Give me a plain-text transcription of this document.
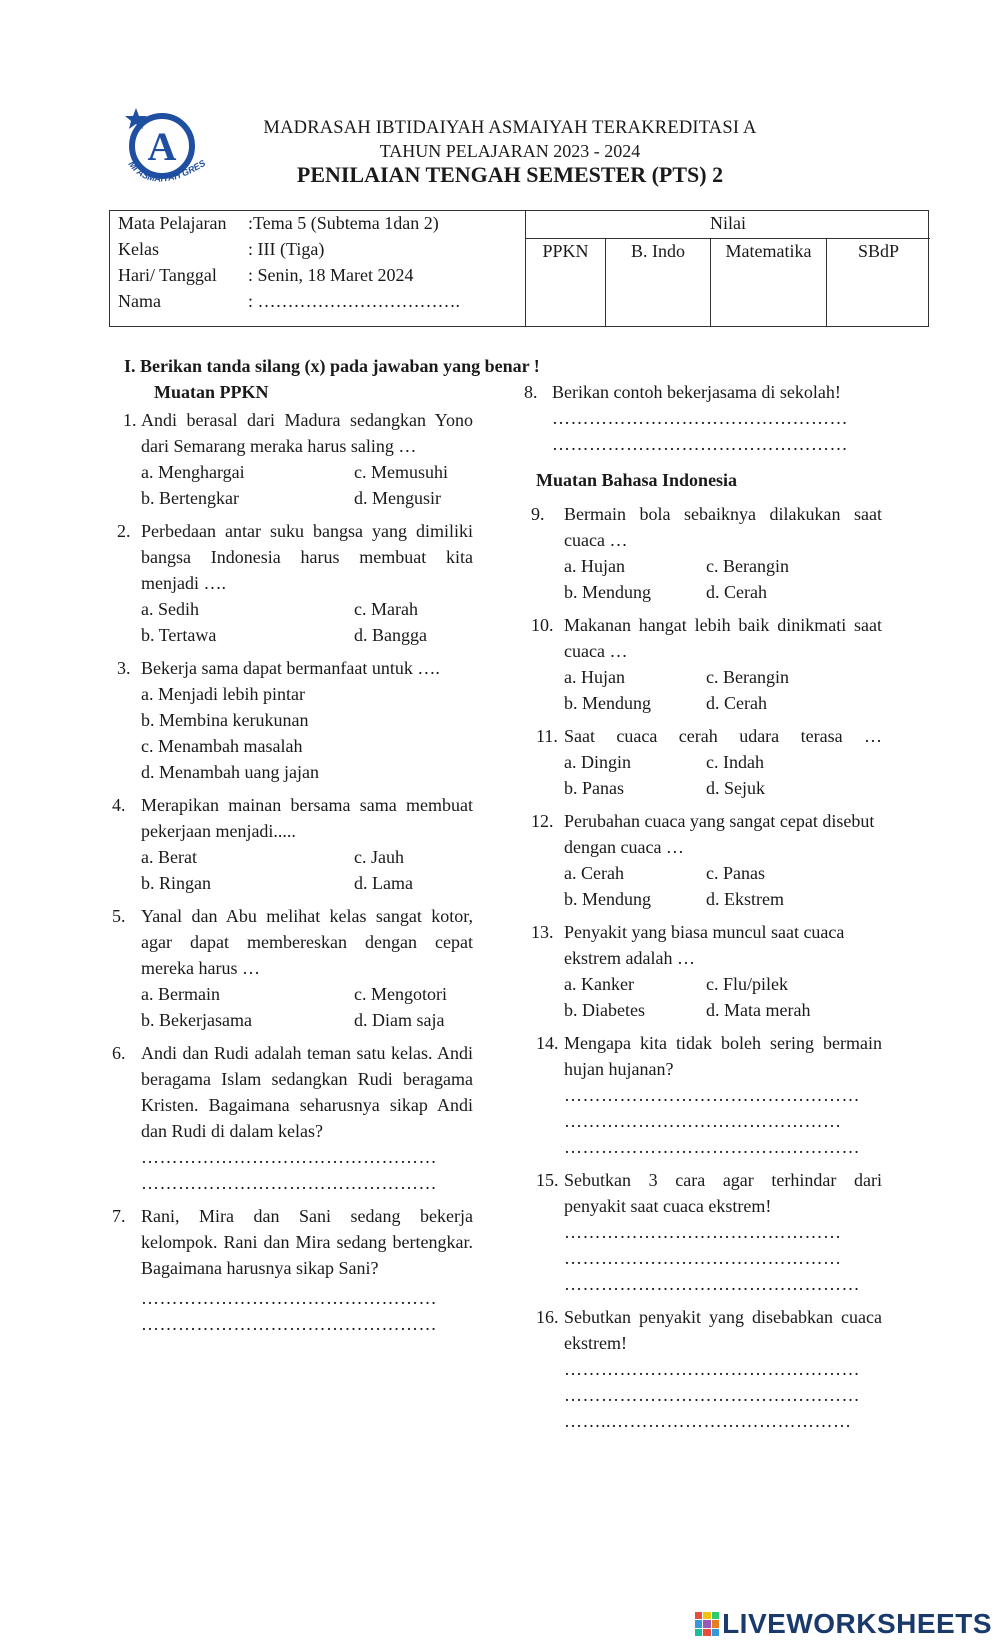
A
MI ASMAIYAH GRES
MADRASAH IBTIDAIYAH ASMAIYAH TERAKREDITASI A
TAHUN PELAJARAN 2023 - 2024
PENILAIAN TENGAH SEMESTER (PTS) 2
Mata Pelajaran :Tema 5 (Subtema 1dan 2)
Kelas	: III (Tiga)
Hari/ Tanggal : Senin, 18 Maret 2024
Nama	: …………………………….
Nilai
PPKN	B. Indo	Matematika	SBdP
I. Berikan tanda silang (x) pada jawaban yang benar !
Muatan PPKN
1. Andi berasal dari Madura sedangkan Yono dari Semarang meraka harus saling …
a. Menghargai	c. Memusuhi
b. Bertengkar	d. Mengusir
2. Perbedaan antar suku bangsa yang dimiliki bangsa Indonesia harus membuat kita menjadi ….
a. Sedih	c. Marah
b. Tertawa	d. Bangga
3. Bekerja sama dapat bermanfaat untuk ….
a. Menjadi lebih pintar
b. Membina kerukunan
c. Menambah masalah
d. Menambah uang jajan
4. Merapikan mainan bersama sama membuat pekerjaan menjadi.....
a. Berat	c. Jauh
b. Ringan	d. Lama
5. Yanal dan Abu melihat kelas sangat kotor, agar dapat membereskan dengan cepat mereka harus …
a. Bermain	c. Mengotori
b. Bekerjasama	d. Diam saja
6. Andi dan Rudi adalah teman satu kelas. Andi beragama Islam sedangkan Rudi beragama Kristen. Bagaimana seharusnya sikap Andi dan Rudi di dalam kelas?
…………………………………………
…………………………………………
7. Rani, Mira dan Sani sedang bekerja kelompok. Rani dan Mira sedang bertengkar. Bagaimana harusnya sikap Sani?
…………………………………………
…………………………………………
8. Berikan contoh bekerjasama di sekolah!
…………………………………………
…………………………………………
Muatan Bahasa Indonesia
9. Bermain bola sebaiknya dilakukan saat cuaca …
a. Hujan	c. Berangin
b. Mendung	d. Cerah
10. Makanan hangat lebih baik dinikmati saat cuaca …
a. Hujan	c. Berangin
b. Mendung	d. Cerah
11. Saat cuaca cerah udara terasa …
a. Dingin	c. Indah
b. Panas	d. Sejuk
12. Perubahan cuaca yang sangat cepat disebut dengan cuaca …
a. Cerah	c. Panas
b. Mendung	d. Ekstrem
13. Penyakit yang biasa muncul saat cuaca ekstrem adalah …
a. Kanker	c. Flu/pilek
b. Diabetes	d. Mata merah
14. Mengapa kita tidak boleh sering bermain hujan hujanan?
…………………………………………
………………………………………
…………………………………………
15. Sebutkan 3 cara agar terhindar dari penyakit saat cuaca ekstrem!
………………………………………
………………………………………
…………………………………………
16. Sebutkan penyakit yang disebabkan cuaca ekstrem!
…………………………………………
…………………………………………
……..…………………………………
LIVEWORKSHEETS
